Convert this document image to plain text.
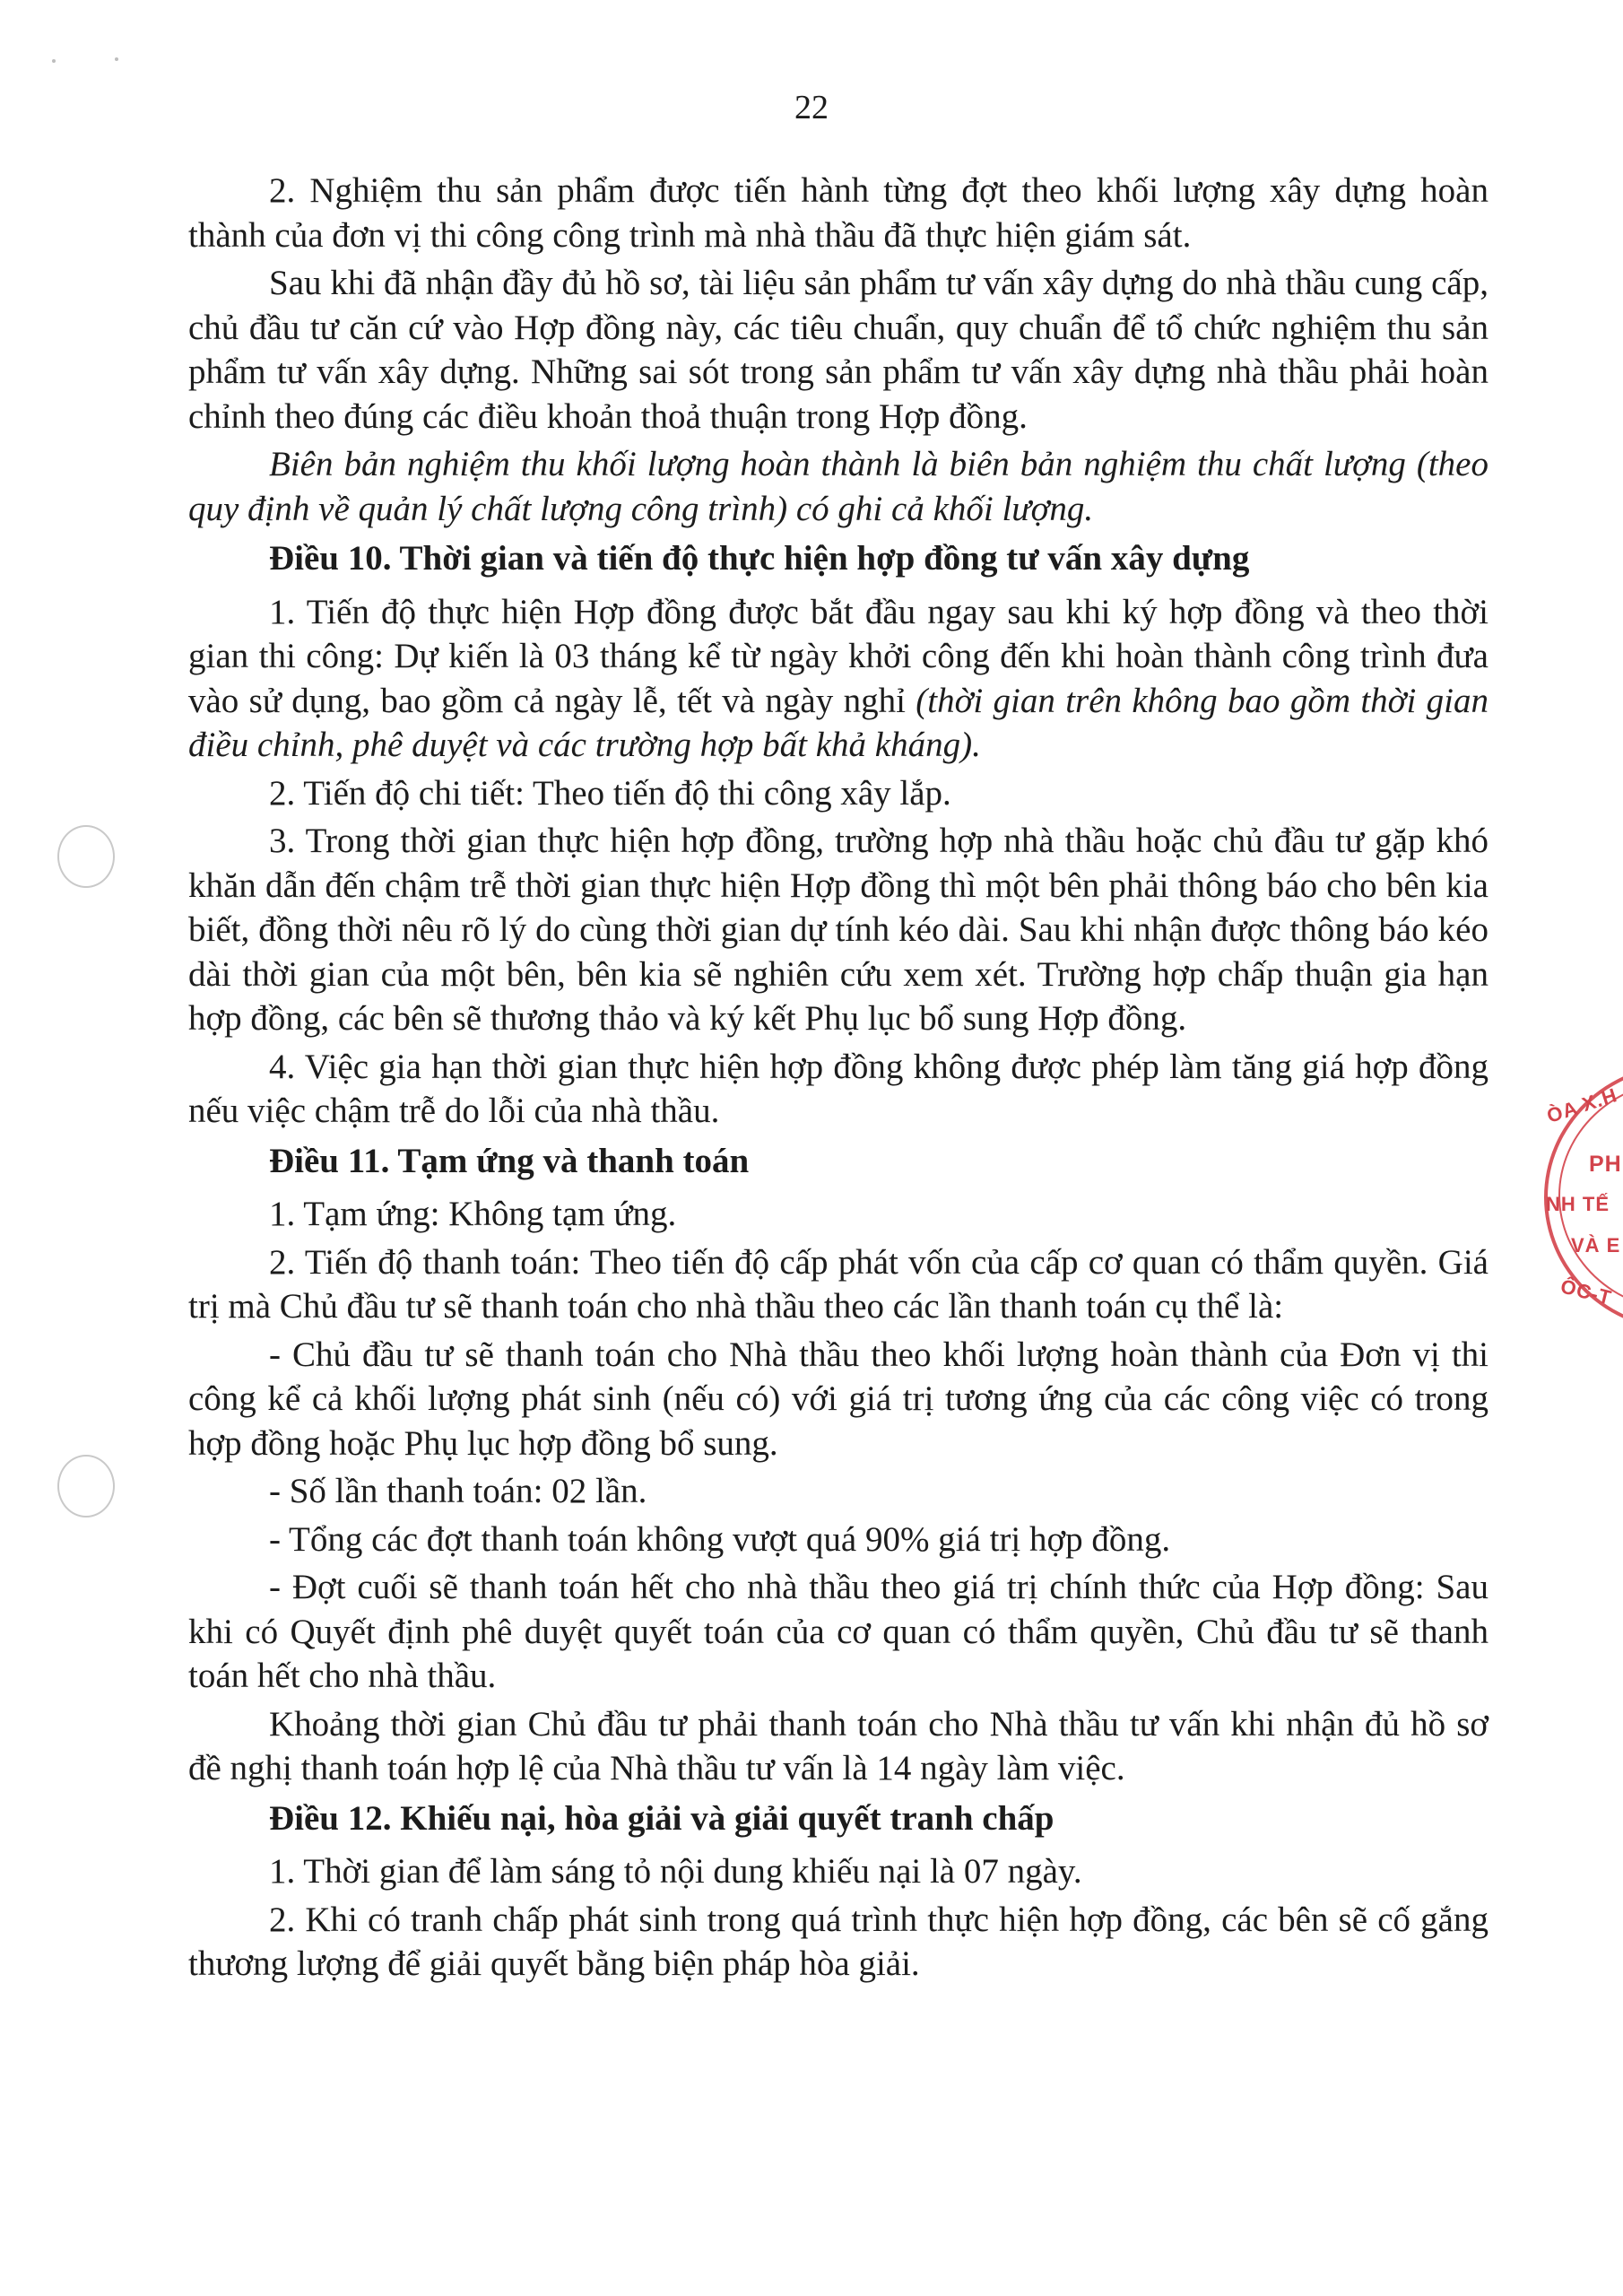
22
ÒA X.H
PH
NH TẾ
VÀ E
ÔC-T

2. Nghiệm thu sản phẩm được tiến hành từng đợt theo khối lượng xây dựng hoàn thành của đơn vị thi công công trình mà nhà thầu đã thực hiện giám sát.

Sau khi đã nhận đầy đủ hồ sơ, tài liệu sản phẩm tư vấn xây dựng do nhà thầu cung cấp, chủ đầu tư căn cứ vào Hợp đồng này, các tiêu chuẩn, quy chuẩn để tổ chức nghiệm thu sản phẩm tư vấn xây dựng. Những sai sót trong sản phẩm tư vấn xây dựng nhà thầu phải hoàn chỉnh theo đúng các điều khoản thoả thuận trong Hợp đồng.

Biên bản nghiệm thu khối lượng hoàn thành là biên bản nghiệm thu chất lượng (theo quy định về quản lý chất lượng công trình) có ghi cả khối lượng.

Điều 10. Thời gian và tiến độ thực hiện hợp đồng tư vấn xây dựng

1. Tiến độ thực hiện Hợp đồng được bắt đầu ngay sau khi ký hợp đồng và theo thời gian thi công: Dự kiến là 03 tháng kể từ ngày khởi công đến khi hoàn thành công trình đưa vào sử dụng, bao gồm cả ngày lễ, tết và ngày nghỉ (thời gian trên không bao gồm thời gian điều chỉnh, phê duyệt và các trường hợp bất khả kháng).

2. Tiến độ chi tiết: Theo tiến độ thi công xây lắp.

3. Trong thời gian thực hiện hợp đồng, trường hợp nhà thầu hoặc chủ đầu tư gặp khó khăn dẫn đến chậm trễ thời gian thực hiện Hợp đồng thì một bên phải thông báo cho bên kia biết, đồng thời nêu rõ lý do cùng thời gian dự tính kéo dài. Sau khi nhận được thông báo kéo dài thời gian của một bên, bên kia sẽ nghiên cứu xem xét. Trường hợp chấp thuận gia hạn hợp đồng, các bên sẽ thương thảo và ký kết Phụ lục bổ sung Hợp đồng.

4. Việc gia hạn thời gian thực hiện hợp đồng không được phép làm tăng giá hợp đồng nếu việc chậm trễ do lỗi của nhà thầu.

Điều 11. Tạm ứng và thanh toán

1. Tạm ứng: Không tạm ứng.

2. Tiến độ thanh toán: Theo tiến độ cấp phát vốn của cấp cơ quan có thẩm quyền. Giá trị mà Chủ đầu tư sẽ thanh toán cho nhà thầu theo các lần thanh toán cụ thể là:

- Chủ đầu tư sẽ thanh toán cho Nhà thầu theo khối lượng hoàn thành của Đơn vị thi công kể cả khối lượng phát sinh (nếu có) với giá trị tương ứng của các công việc có trong hợp đồng hoặc Phụ lục hợp đồng bổ sung.

- Số lần thanh toán: 02 lần.

- Tổng các đợt thanh toán không vượt quá 90% giá trị hợp đồng.

- Đợt cuối sẽ thanh toán hết cho nhà thầu theo giá trị chính thức của Hợp đồng: Sau khi có Quyết định phê duyệt quyết toán của cơ quan có thẩm quyền, Chủ đầu tư sẽ thanh toán hết cho nhà thầu.

Khoảng thời gian Chủ đầu tư phải thanh toán cho Nhà thầu tư vấn khi nhận đủ hồ sơ đề nghị thanh toán hợp lệ của Nhà thầu tư vấn là 14 ngày làm việc.

Điều 12. Khiếu nại, hòa giải và giải quyết tranh chấp

1. Thời gian để làm sáng tỏ nội dung khiếu nại là 07 ngày.

2. Khi có tranh chấp phát sinh trong quá trình thực hiện hợp đồng, các bên sẽ cố gắng thương lượng để giải quyết bằng biện pháp hòa giải.
